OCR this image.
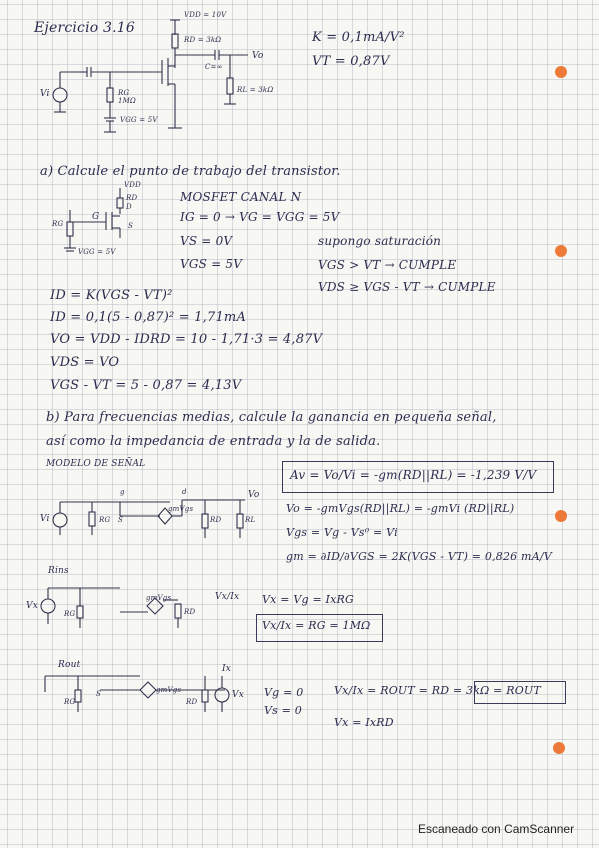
Ejercicio 3.16
VDD = 10V
RD = 3kΩ
Vo
C=∞
Vi	RG 1MΩ
RL = 3kΩ
VGG = 5V
K = 0,1mA/V²
VT = 0,87V
a) Calcule el punto de trabajo del transistor.
VDD
RD
D
G
S
RG
VGG = 5V
MOSFET CANAL N
IG = 0 → VG = VGG = 5V
VS = 0V
VGS = 5V
supongo saturación
VGS > VT → CUMPLE
VDS ≥ VGS - VT → CUMPLE
ID = K(VGS - VT)²
ID = 0,1(5 - 0,87)² = 1,71mA
VO = VDD - IDRD = 10 - 1,71·3 = 4,87V
VDS = VO
VGS - VT = 5 - 0,87 = 4,13V
b) Para frecuencias medias, calcule la ganancia en pequeña señal,
así como la impedancia de entrada y la de salida.
MODELO DE SEÑAL
Av = Vo/Vi = -gm(RD||RL) = -1,239 V/V
Vo = -gmVgs(RD||RL) = -gmVi (RD||RL)
Vgs = Vg - Vs⁰ = Vi
gm = ∂ID/∂VGS = 2K(VGS - VT) = 0,826 mA/V
g	d
S
Vi
Vo
RG	RD	RL
gmVgs
Rins
Vx/Ix Vx = Vg = IxRG
Vx/Ix = RG = 1MΩ
RG	RD
gmVgs
Vx
Rout	Ix
Vx
gmVgs
RG	RD
S	Vg = 0
Vs = 0
Vx/Ix = ROUT = RD = 3kΩ = ROUT
Vx = IxRD
Escaneado con CamScanner
